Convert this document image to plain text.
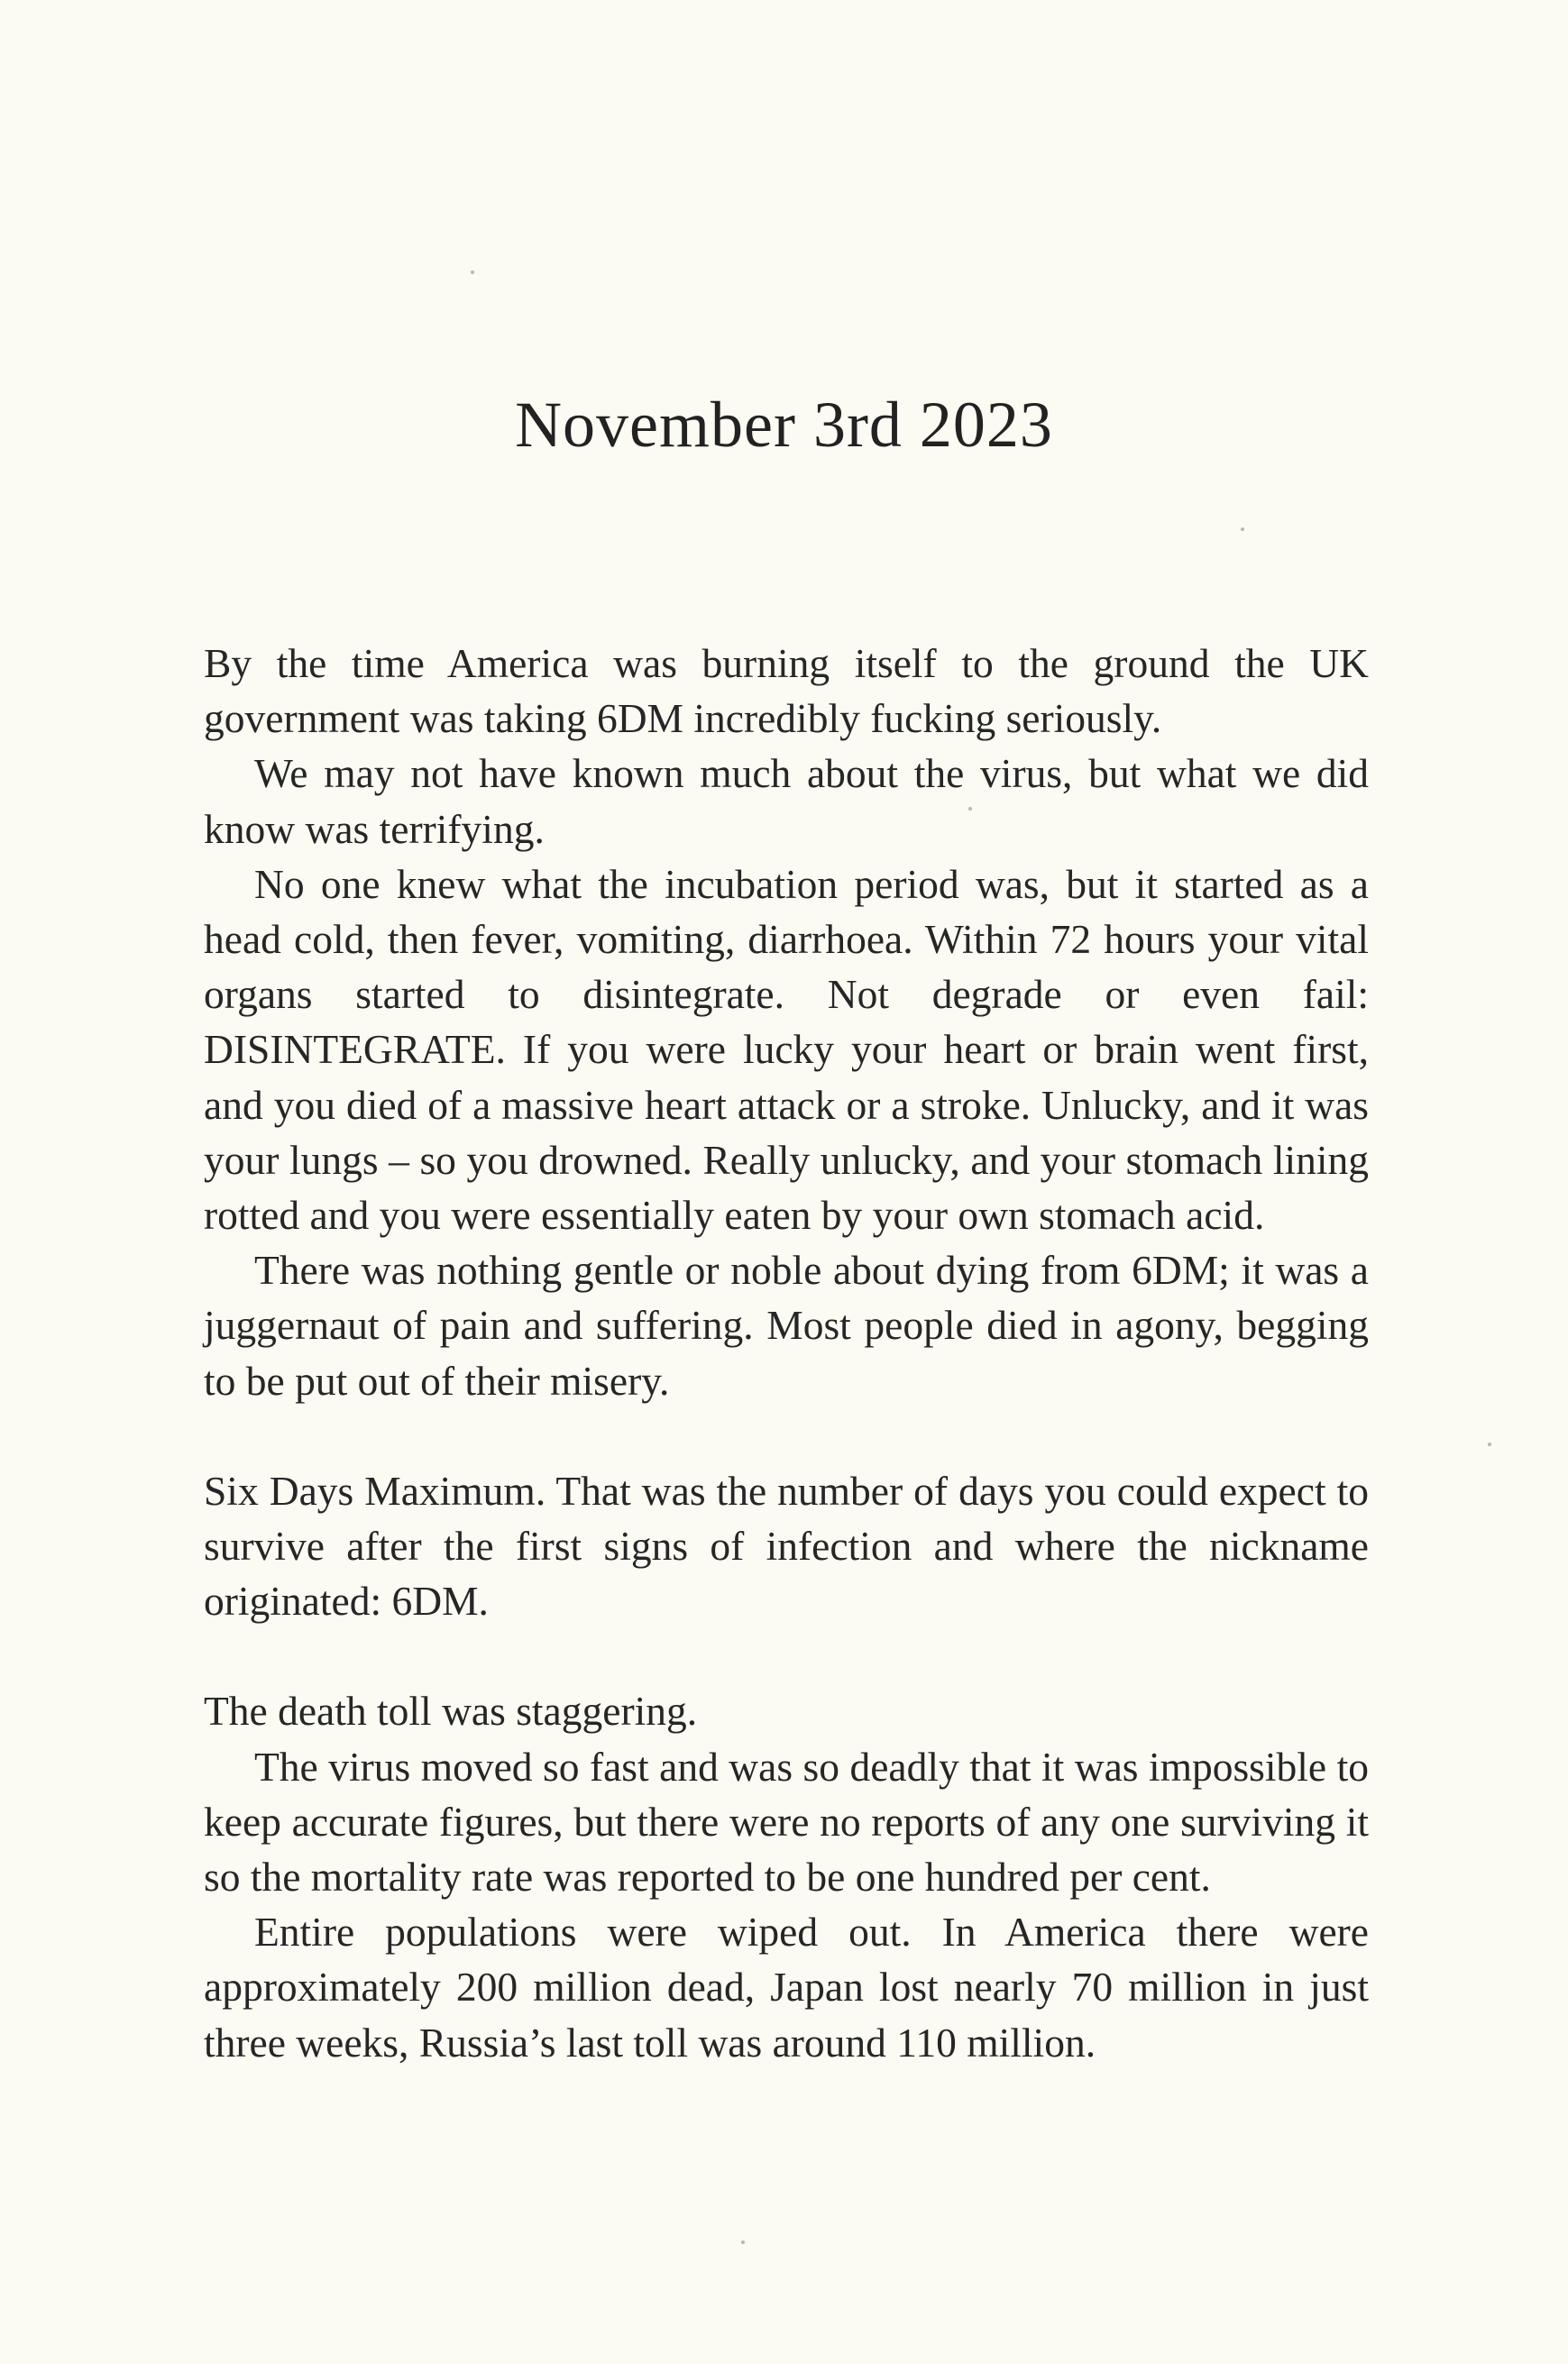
November 3rd 2023

By the time America was burning itself to the ground the UK government was taking 6DM incredibly fucking seriously.

We may not have known much about the virus, but what we did know was terrifying.

No one knew what the incubation period was, but it started as a head cold, then fever, vomiting, diarrhoea. Within 72 hours your vital organs started to disintegrate. Not degrade or even fail: DISINTEGRATE. If you were lucky your heart or brain went first, and you died of a massive heart attack or a stroke. Unlucky, and it was your lungs – so you drowned. Really unlucky, and your stomach lining rotted and you were essentially eaten by your own stomach acid.

There was nothing gentle or noble about dying from 6DM; it was a juggernaut of pain and suffering. Most people died in agony, begging to be put out of their misery.

Six Days Maximum. That was the number of days you could expect to survive after the first signs of infection and where the nickname originated: 6DM.

The death toll was staggering.

The virus moved so fast and was so deadly that it was impossible to keep accurate figures, but there were no reports of any one surviving it so the mortality rate was reported to be one hundred per cent.

Entire populations were wiped out. In America there were approximately 200 million dead, Japan lost nearly 70 million in just three weeks, Russia’s last toll was around 110 million.
